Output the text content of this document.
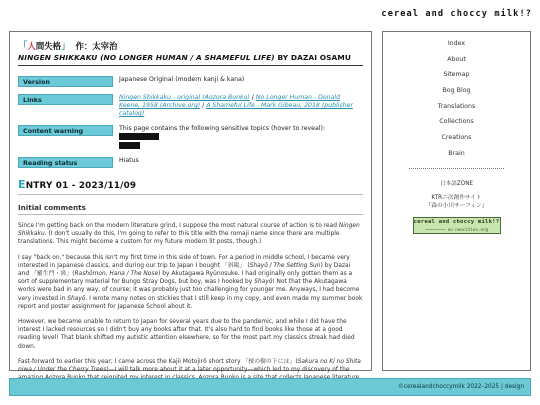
cereal and choccy milk!?
「人間失格」 作：太宰治
NINGEN SHIKKAKU (NO LONGER HUMAN / A SHAMEFUL LIFE) BY DAZAI OSAMU
Version	Japanese Original (modern kanji & kana)
Links	Ningen Shikkaku - original (Aozora Bunko) / No Longer Human - Donald Keene, 1958 (Archive.org) / A Shameful Life - Mark Gibeau, 2018 (publisher catalog)
Content warning	This page contains the following sensitive topics (hover to reveal):

Reading status	Hiatus
ENTRY 01 - 2023/11/09
Initial comments

Since I'm getting back on the modern literature grind, I suppose the most natural course of action is to read Ningen Shikkaku. (I don't usually do this, I'm going to refer to this title with the romaji name since there are multiple translations. This might become a custom for my future modern lit posts, though.)

I say "back on," because this isn't my first time in this side of town. For a period in middle school, I became very interested in Japanese classics, and during our trip to Japan I bought 「斜陽」 (Shayō / The Setting Sun) by Dazai and 「羅生門・鼻」(Rashōmon, Hana / The Nose) by Akutagawa Ryūnosuke. I had originally only gotten them as a sort of supplementary material for Bungo Stray Dogs, but boy, was I hooked by Shayō! Not that the Akutagawa works were bad in any way, of course; it was probably just too challenging for younger me. Anyways, I had become very invested in Shayō. I wrote many notes on stickies that I still keep in my copy, and even made my summer book report and poster assignment for Japanese School about it.

However, we became unable to return to Japan for several years due to the pandemic, and while I did have the interest I lacked resources so I didn't buy any books after that. It's also hard to find books like those at a good reading level! That blank shifted my autistic attention elsewhere, so for the most part my classics streak had died down.

Fast-forward to earlier this year; I came across the Kajii Motojirō short story 「桜の樹の下には」(Sakura no Ki no Shita niwa / Under the Cherry Trees)—I will talk more about it at a later opportunity—which led to my discovery of the

Index
About
Sitemap
Bog Blog
Translations
Collections
Creations
Brain
日本語ZONE
KTRニ次創作サイト
『森の小川サーフィン』
cereal and choccy milk!?
~~~~~~~~ on neocities.org
©cerealandchoccymilk 2022–2025 | design
